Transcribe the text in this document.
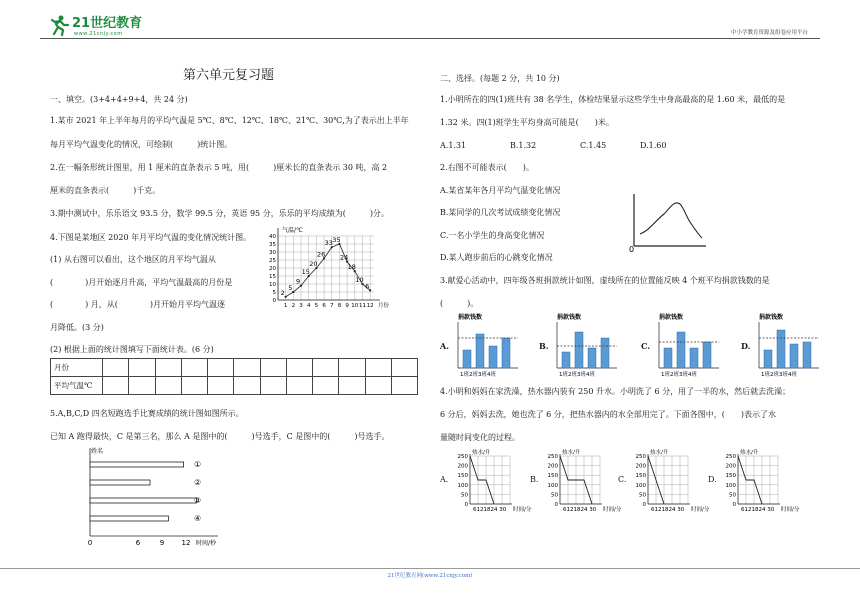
21世纪教育
www.21cnjy.com	中小学教育资源及组卷应用平台
第六单元复习题
一、填空。(3+4+4+9+4，共 24 分)
1.某市 2021 年上半年每月的平均气温是 5℃、8℃、12℃、18℃、21℃、30℃,为了表示出上半年
每月平均气温变化的情况，可绘制(　　　)统计图。
2.在一幅条形统计图里，用 1 厘米的直条表示 5 吨，用(　　　)厘米长的直条表示 30 吨，高 2
厘米的直条表示(　　　)千克。
3.期中测试中，乐乐语文 93.5 分，数学 99.5 分，英语 95 分，乐乐的平均成绩为(　　　)分。
4.下图是某地区 2020 年月平均气温的变化情况统计图。
(1) 从右图可以看出，这个地区的月平均气温从
(　　　　)月开始逐月升高，平均气温最高的月份是
(　　　　) 月，从(　　　　)月开始月平均气温逐
月降低。(3 分)
(2) 根据上面的统计图填写下面统计表。(6 分)
2
5
9
15
20
26
33 35
24
18
10
6
气温/℃
40
35
30
25
20
15
10
5
0
1 2 3 4 5 6 7 8 9 10 11 12 月份
月份												
平均气温℃												
5.A,B,C,D 四名短跑选手比赛成绩的统计图如图所示。
已知 A 跑得最快，C 是第三名，那么 A 是图中的(　　　)号选手，C 是图中的(　　　)号选手。
姓名
①
②
③
④
0	6	9 12 时间/秒
二、选择。(每题 2 分，共 10 分)
1.小明所在的四(1)班共有 38 名学生，体检结果显示这些学生中身高最高的是 1.60 米，最低的是
1.32 米。四(1)班学生平均身高可能是(　　)米。
A.1.31	B.1.32	C.1.45	D.1.60
2.右图不可能表示(　　)。
A.某省某年各月平均气温变化情况
B.某同学的几次考试成绩变化情况
C.一名小学生的身高变化情况
D.某人跑步前后的心跳变化情况
0
3.献爱心活动中，四年级各班捐款统计如图，虚线所在的位置能反映 4 个班平均捐款钱数的是
(　　　)。
A.
捐款钱数
1班2班3班4班
B.
捐款钱数
1班2班3班4班
C.
捐款钱数
1班2班3班4班
D.
捐款钱数
1班2班3班4班
4.小明和妈妈在家洗澡，热水器内装有 250 升水。小明洗了 6 分，用了一半的水，然后就去洗澡；
6 分后，妈妈去洗，她也洗了 6 分，把热水器内的水全部用完了。下面各图中，(　　)表示了水
量随时间变化的过程。
A.
热水/升
250
200
150
100
50
0
6121824 30 时间/分
B.
热水/升
250
200
150
100
50
0
6121824 30 时间/分
C.
热水/升
250
200
150
100
50
0
6121824 30 时间/分
D.
热水/升
250
200
150
100
50
0
6121824 30 时间/分
21世纪教育网(www.21cnjy.com)
